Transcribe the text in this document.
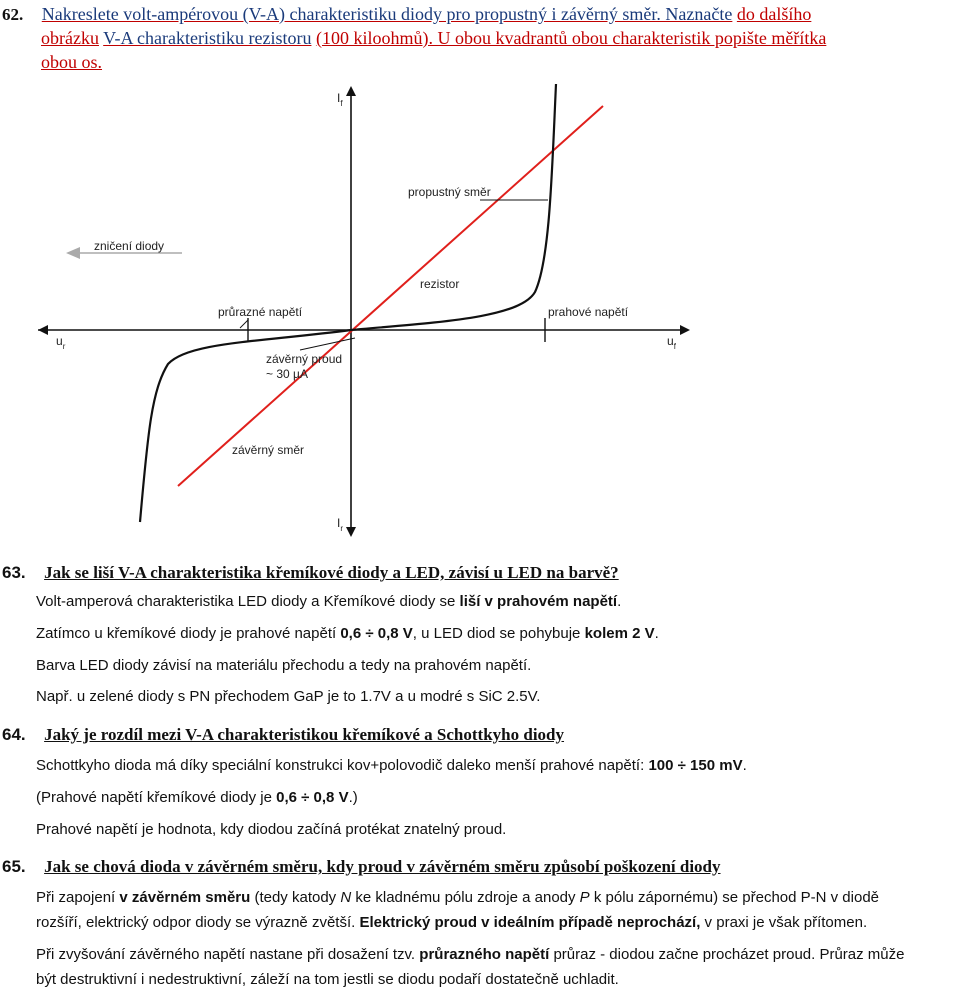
62. Nakreslete volt-ampérovou (V-A) charakteristiku diody pro propustný i závěrný směr. Naznačte do dalšího
obrázku V-A charakteristiku rezistoru (100 kiloohmů). U obou kvadrantů obou charakteristik popište měřítka
obou os.
$I_f$
$I_r$
$u_r$	$u_f$
propustný směr
zničení diody
rezistor
průrazné napětí	prahové napětí
závěrný proud
~ 30 µA
závěrný směr
63. Jak se liší V-A charakteristika křemíkové diody a LED, závisí u LED na barvě?
Volt-amperová charakteristika LED diody a Křemíkové diody se liší v prahovém napětí.
Zatímco u křemíkové diody je prahové napětí 0,6 ÷ 0,8 V, u LED diod se pohybuje kolem 2 V.
Barva LED diody závisí na materiálu přechodu a tedy na prahovém napětí.
Např. u zelené diody s PN přechodem GaP je to 1.7V a u modré s SiC 2.5V.
64. Jaký je rozdíl mezi V-A charakteristikou křemíkové a Schottkyho diody
Schottkyho dioda má díky speciální konstrukci kov+polovodič daleko menší prahové napětí: 100 ÷ 150 mV.
(Prahové napětí křemíkové diody je 0,6 ÷ 0,8 V.)
Prahové napětí je hodnota, kdy diodou začíná protékat znatelný proud.
65. Jak se chová dioda v závěrném směru, kdy proud v závěrném směru způsobí poškození diody
Při zapojení v závěrném směru (tedy katody N ke kladnému pólu zdroje a anody P k pólu zápornému) se přechod P-N v diodě
rozšíří, elektrický odpor diody se výrazně zvětší. Elektrický proud v ideálním případě neprochází, v praxi je však přítomen.
Při zvyšování závěrného napětí nastane při dosažení tzv. průrazného napětí průraz - diodou začne procházet proud. Průraz může
být destruktivní i nedestruktivní, záleží na tom jestli se diodu podaří dostatečně uchladit.
